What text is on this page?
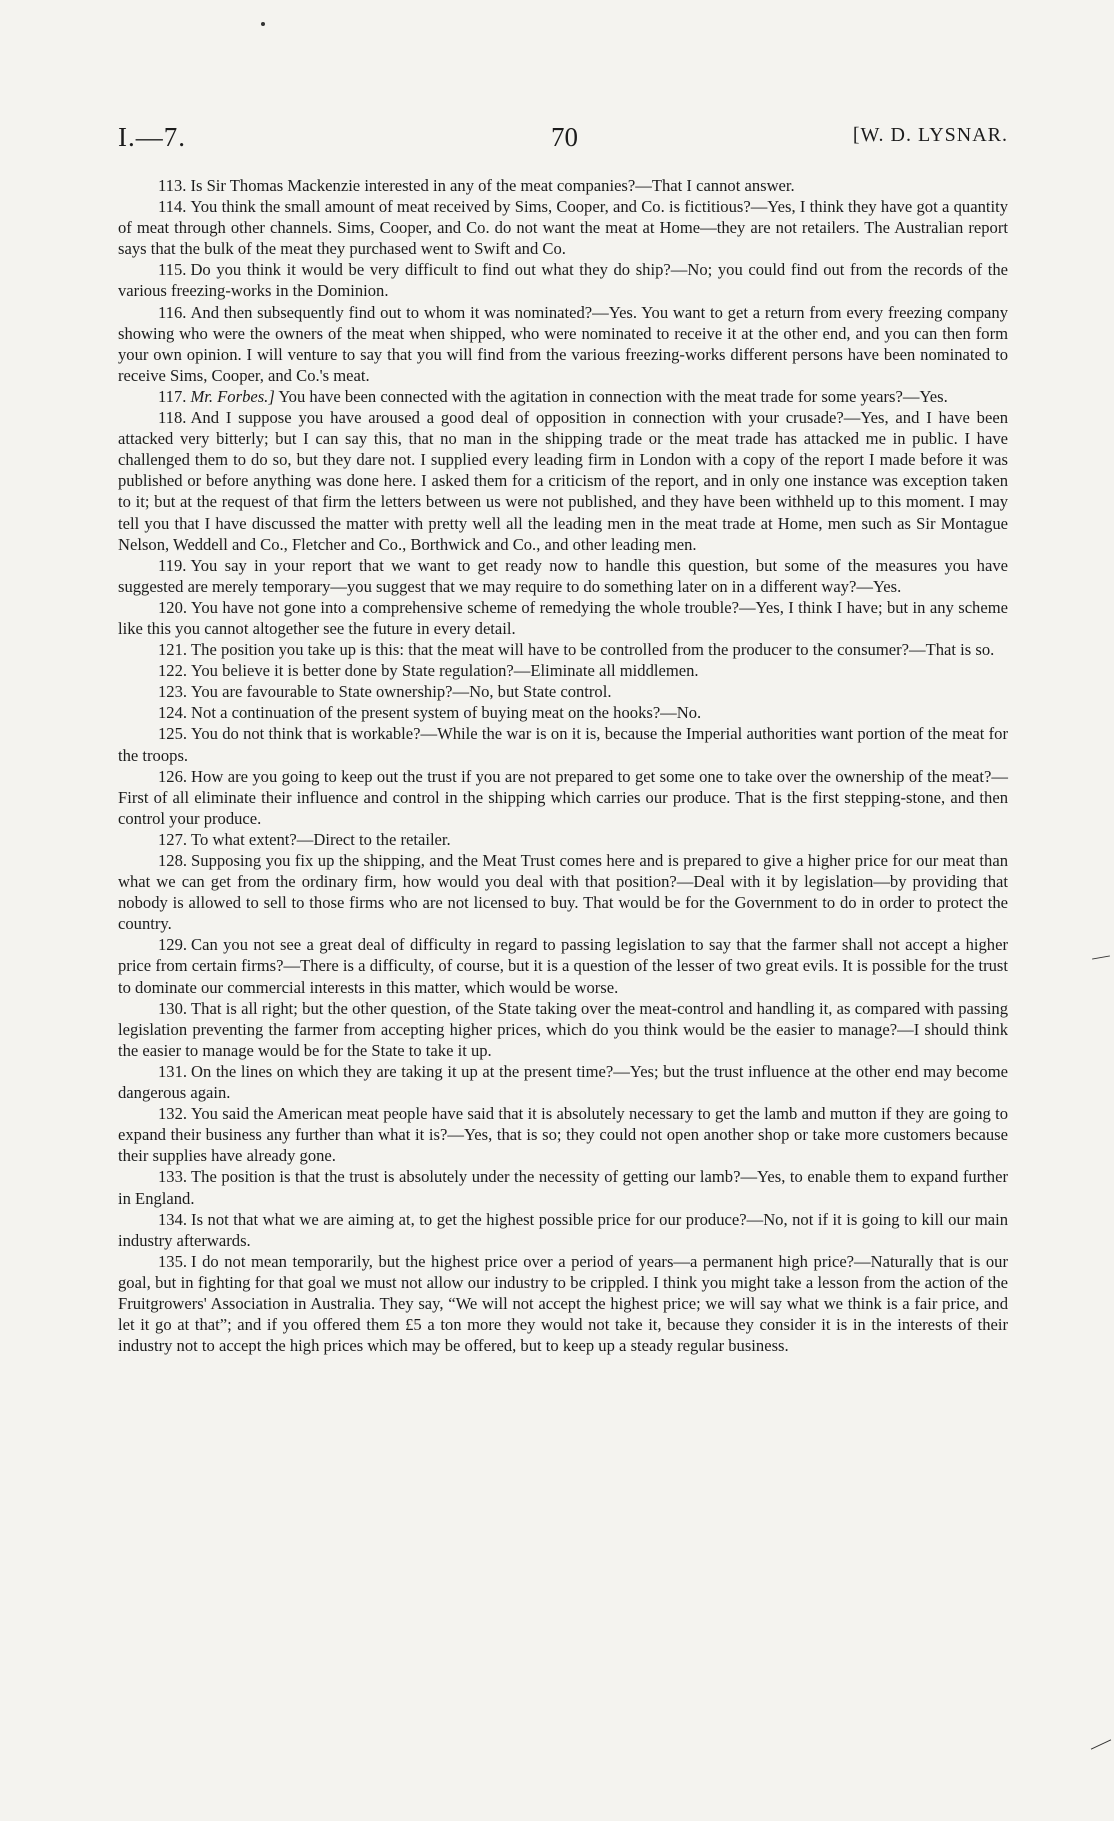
I.—7.	70	[W. D. LYSNAR.

113. Is Sir Thomas Mackenzie interested in any of the meat companies?—That I cannot answer.

114. You think the small amount of meat received by Sims, Cooper, and Co. is fictitious?—Yes, I think they have got a quantity of meat through other channels. Sims, Cooper, and Co. do not want the meat at Home—they are not retailers. The Australian report says that the bulk of the meat they purchased went to Swift and Co.

115. Do you think it would be very difficult to find out what they do ship?—No; you could find out from the records of the various freezing-works in the Dominion.

116. And then subsequently find out to whom it was nominated?—Yes. You want to get a return from every freezing company showing who were the owners of the meat when shipped, who were nominated to receive it at the other end, and you can then form your own opinion. I will venture to say that you will find from the various freezing-works different persons have been nominated to receive Sims, Cooper, and Co.'s meat.

117. Mr. Forbes.] You have been connected with the agitation in connection with the meat trade for some years?—Yes.

118. And I suppose you have aroused a good deal of opposition in connection with your crusade?—Yes, and I have been attacked very bitterly; but I can say this, that no man in the shipping trade or the meat trade has attacked me in public. I have challenged them to do so, but they dare not. I supplied every leading firm in London with a copy of the report I made before it was published or before anything was done here. I asked them for a criticism of the report, and in only one instance was exception taken to it; but at the request of that firm the letters between us were not published, and they have been withheld up to this moment. I may tell you that I have discussed the matter with pretty well all the leading men in the meat trade at Home, men such as Sir Montague Nelson, Weddell and Co., Fletcher and Co., Borthwick and Co., and other leading men.

119. You say in your report that we want to get ready now to handle this question, but some of the measures you have suggested are merely temporary—you suggest that we may require to do something later on in a different way?—Yes.

120. You have not gone into a comprehensive scheme of remedying the whole trouble?—Yes, I think I have; but in any scheme like this you cannot altogether see the future in every detail.

121. The position you take up is this: that the meat will have to be controlled from the producer to the consumer?—That is so.

122. You believe it is better done by State regulation?—Eliminate all middlemen.

123. You are favourable to State ownership?—No, but State control.

124. Not a continuation of the present system of buying meat on the hooks?—No.

125. You do not think that is workable?—While the war is on it is, because the Imperial authorities want portion of the meat for the troops.

126. How are you going to keep out the trust if you are not prepared to get some one to take over the ownership of the meat?—First of all eliminate their influence and control in the shipping which carries our produce. That is the first stepping-stone, and then control your produce.

127. To what extent?—Direct to the retailer.

128. Supposing you fix up the shipping, and the Meat Trust comes here and is prepared to give a higher price for our meat than what we can get from the ordinary firm, how would you deal with that position?—Deal with it by legislation—by providing that nobody is allowed to sell to those firms who are not licensed to buy. That would be for the Government to do in order to protect the country.

129. Can you not see a great deal of difficulty in regard to passing legislation to say that the farmer shall not accept a higher price from certain firms?—There is a difficulty, of course, but it is a question of the lesser of two great evils. It is possible for the trust to dominate our commercial interests in this matter, which would be worse.

130. That is all right; but the other question, of the State taking over the meat-control and handling it, as compared with passing legislation preventing the farmer from accepting higher prices, which do you think would be the easier to manage?—I should think the easier to manage would be for the State to take it up.

131. On the lines on which they are taking it up at the present time?—Yes; but the trust influence at the other end may become dangerous again.

132. You said the American meat people have said that it is absolutely necessary to get the lamb and mutton if they are going to expand their business any further than what it is?—Yes, that is so; they could not open another shop or take more customers because their supplies have already gone.

133. The position is that the trust is absolutely under the necessity of getting our lamb?—Yes, to enable them to expand further in England.

134. Is not that what we are aiming at, to get the highest possible price for our produce?—No, not if it is going to kill our main industry afterwards.

135. I do not mean temporarily, but the highest price over a period of years—a permanent high price?—Naturally that is our goal, but in fighting for that goal we must not allow our industry to be crippled. I think you might take a lesson from the action of the Fruitgrowers' Association in Australia. They say, “We will not accept the highest price; we will say what we think is a fair price, and let it go at that”; and if you offered them £5 a ton more they would not take it, because they consider it is in the interests of their industry not to accept the high prices which may be offered, but to keep up a steady regular business.
